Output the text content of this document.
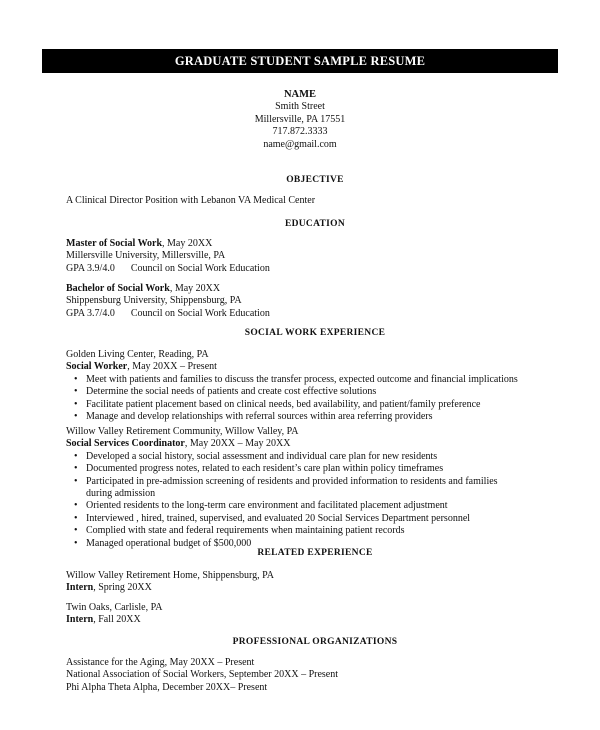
GRADUATE STUDENT SAMPLE RESUME
NAME
Smith Street
Millersville, PA 17551
717.872.3333
name@gmail.com
OBJECTIVE
A Clinical Director Position with Lebanon VA Medical Center
EDUCATION
Master of Social Work, May 20XX
Millersville University, Millersville, PA
GPA 3.9/4.0 Council on Social Work Education
Bachelor of Social Work, May 20XX
Shippensburg University, Shippensburg, PA
GPA 3.7/4.0 Council on Social Work Education
SOCIAL WORK EXPERIENCE
Golden Living Center, Reading, PA
Social Worker, May 20XX – Present
• Meet with patients and families to discuss the transfer process, expected outcome and financial implications
• Determine the social needs of patients and create cost effective solutions
• Facilitate patient placement based on clinical needs, bed availability, and patient/family preference
• Manage and develop relationships with referral sources within area referring providers
Willow Valley Retirement Community, Willow Valley, PA
Social Services Coordinator, May 20XX – May 20XX
• Developed a social history, social assessment and individual care plan for new residents
• Documented progress notes, related to each resident’s care plan within policy timeframes
• Participated in pre-admission screening of residents and provided information to residents and families
during admission
• Oriented residents to the long-term care environment and facilitated placement adjustment
• Interviewed , hired, trained, supervised, and evaluated 20 Social Services Department personnel
• Complied with state and federal requirements when maintaining patient records
• Managed operational budget of $500,000
RELATED EXPERIENCE
Willow Valley Retirement Home, Shippensburg, PA
Intern, Spring 20XX
Twin Oaks, Carlisle, PA
Intern, Fall 20XX
PROFESSIONAL ORGANIZATIONS
Assistance for the Aging, May 20XX – Present
National Association of Social Workers, September 20XX – Present
Phi Alpha Theta Alpha, December 20XX– Present
